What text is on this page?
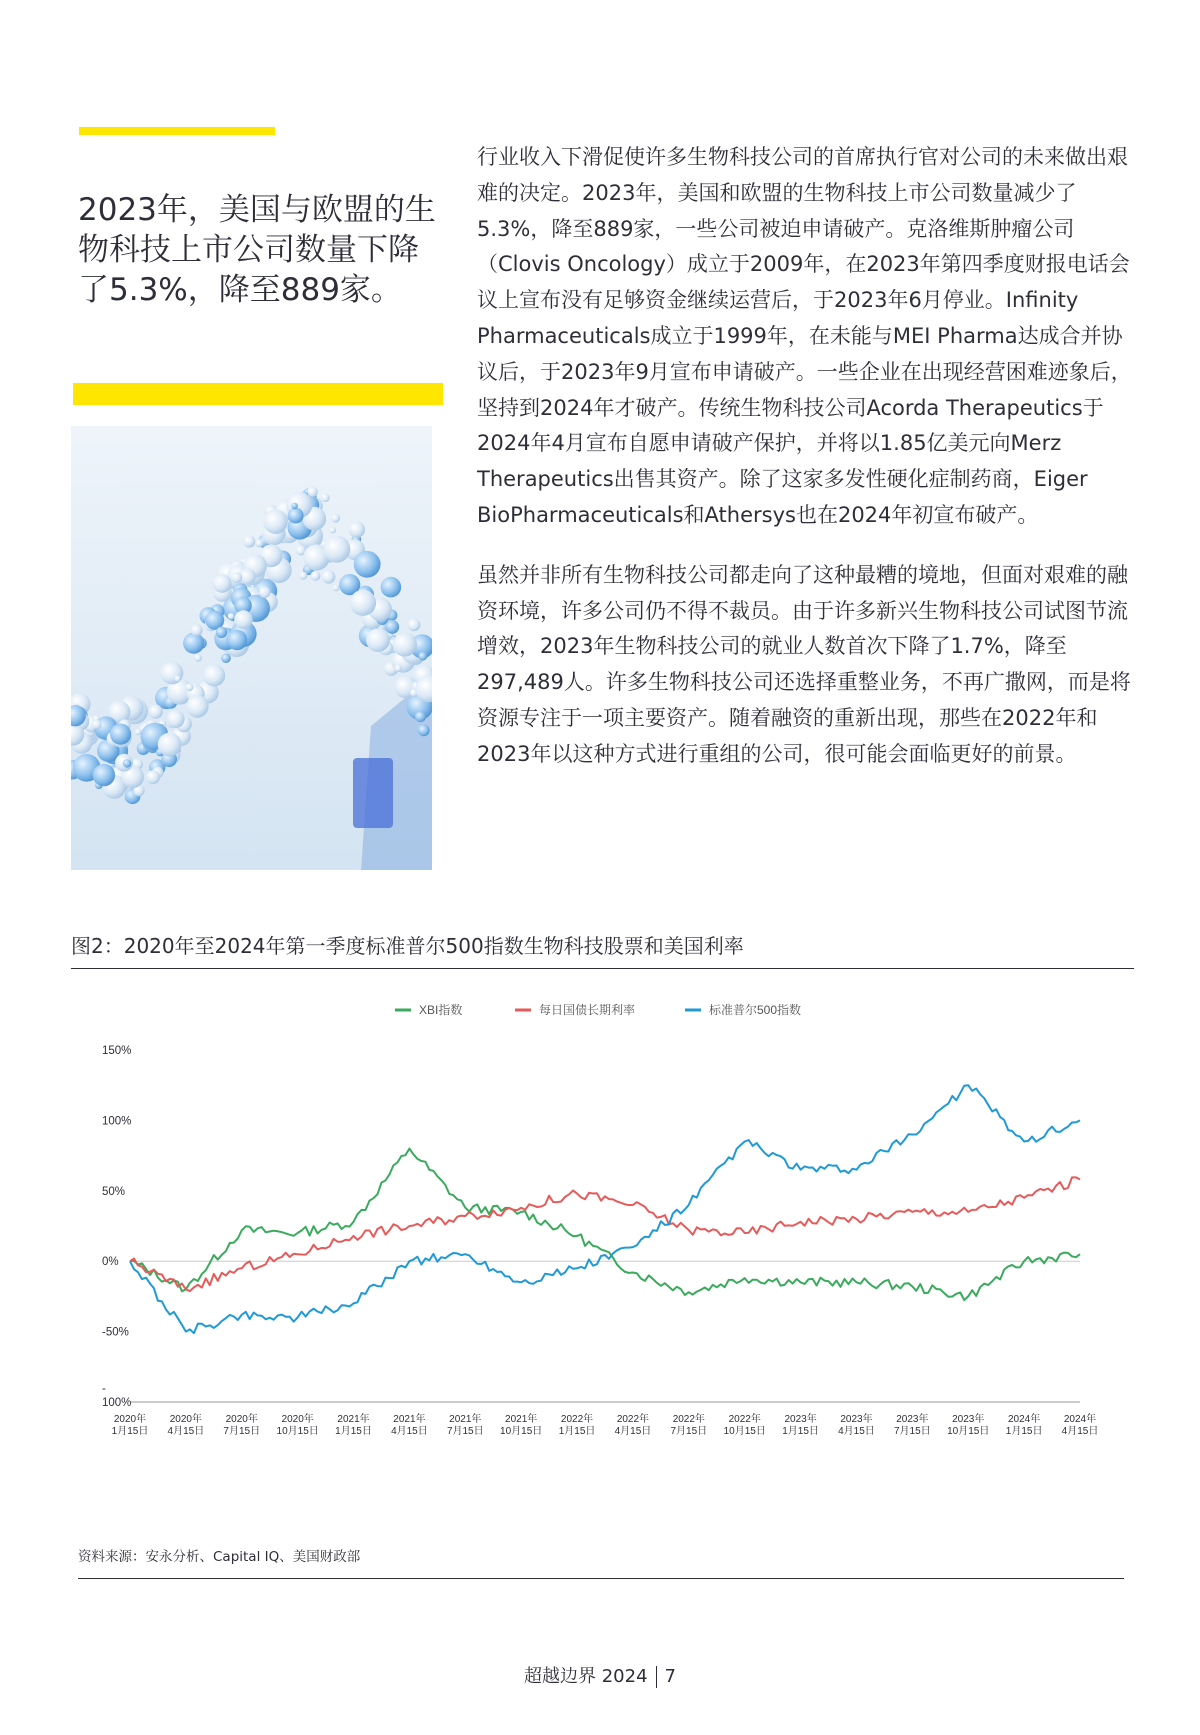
2023年，美国与欧盟的生物科技上市公司数量下降了5.3%，降至889家。

行业收入下滑促使许多生物科技公司的首席执行官对公司的未来做出艰难的决定。2023年，美国和欧盟的生物科技上市公司数量减少了5.3%，降至889家，一些公司被迫申请破产。克洛维斯肿瘤公司（Clovis Oncology）成立于2009年，在2023年第四季度财报电话会议上宣布没有足够资金继续运营后，于2023年6月停业。Infinity Pharmaceuticals成立于1999年，在未能与MEI Pharma达成合并协议后，于2023年9月宣布申请破产。一些企业在出现经营困难迹象后，坚持到2024年才破产。传统生物科技公司Acorda Therapeutics于2024年4月宣布自愿申请破产保护，并将以1.85亿美元向Merz Therapeutics出售其资产。除了这家多发性硬化症制药商，Eiger BioPharmaceuticals和Athersys也在2024年初宣布破产。

虽然并非所有生物科技公司都走向了这种最糟的境地，但面对艰难的融资环境，许多公司仍不得不裁员。由于许多新兴生物科技公司试图节流增效，2023年生物科技公司的就业人数首次下降了1.7%，降至297,489人。许多生物科技公司还选择重整业务，不再广撒网，而是将资源专注于一项主要资产。随着融资的重新出现，那些在2022年和2023年以这种方式进行重组的公司，很可能会面临更好的前景。

图2：2020年至2024年第一季度标准普尔500指数生物科技股票和美国利率
XBI指数	每日国债长期利率	标准普尔500指数
150%
100%
50%
0%
-50%
-
100%
2020年
1月15日
2020年
4月15日
2020年
7月15日
2020年
10月15日
2021年
1月15日
2021年
4月15日
2021年
7月15日
2021年
10月15日
2022年
1月15日
2022年
4月15日
2022年
7月15日
2022年
10月15日
2023年
1月15日
2023年
4月15日
2023年
7月15日
2023年
10月15日
2024年
1月15日
2024年
4月15日
资料来源：安永分析、Capital IQ、美国财政部
超越边界 2024 7
